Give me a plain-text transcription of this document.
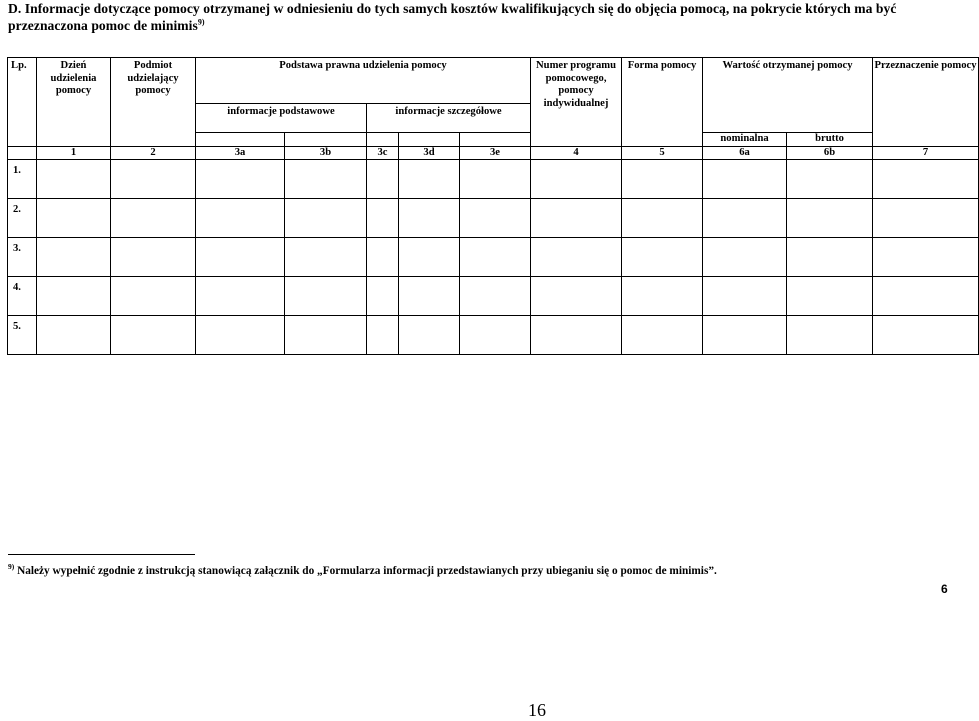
D. Informacje dotyczące pomocy otrzymanej w odniesieniu do tych samych kosztów kwalifikujących się do objęcia pomocą, na pokrycie których ma być przeznaczona pomoc de minimis$^{9)}$
Lp.	Dzień udzielenia pomocy	Podmiot udzielający pomocy	Podstawa prawna udzielenia pomocy					Numer programu pomocowego, pomocy indywidualnej	Forma pomocy	Wartość otrzymanej pomocy		Przeznaczenie pomocy
			informacje podstawowe		informacje szczegółowe							
										nominalna	brutto	
	1	2	3a	3b	3c	3d	3e	4	5	6a	6b	7
1.												
2.												
3.												
4.												
5.												
$^{9)}$ Należy wypełnić zgodnie z instrukcją stanowiącą załącznik do „Formularza informacji przedstawianych przy ubieganiu się o pomoc de minimis”.
6
16
